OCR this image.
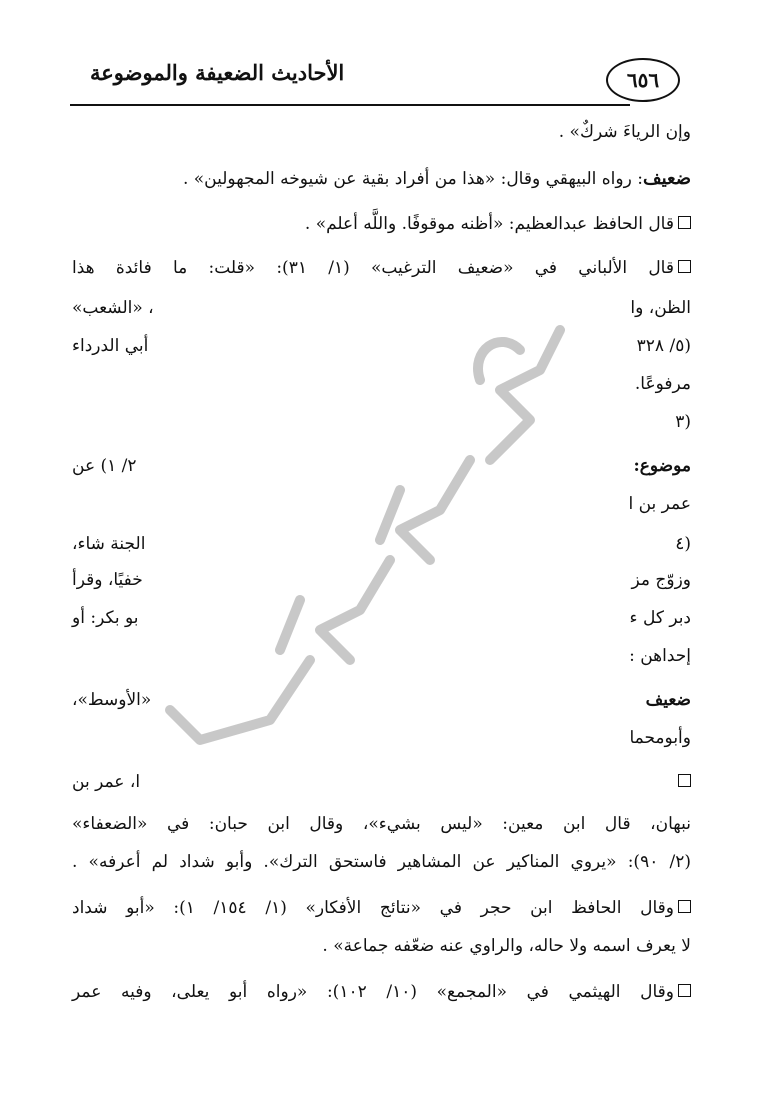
٦٥٦
الأحاديث الضعيفة والموضوعة
وإن الرياءَ شركٌ» .
ضعيف: رواه البيهقي وقال: «هذا من أفراد بقية عن شيوخه المجهولين» .
قال الحافظ عبدالعظيم: «أظنه موقوفًا. واللَّه أعلم» .
قال الألباني في «ضعيف الترغيب» (١/ ٣١): «قلت: ما فائدة هذا
الظن، وا
، «الشعب»
(٥/ ٣٢٨
أبي الدرداء
مرفوعًا.
(٣
موضوع:
٢/ ١) عن
عمر بن ا
(٤
الجنة شاء،
وزوّج مز
خفيًا، وقرأ
دبر كل ء
بو بكر: أو
إحداهن :
ضعيف
«الأوسط»،
وأبومحما
ا، عمر بن
نبهان، قال ابن معين: «ليس بشيء»، وقال ابن حبان: في «الضعفاء»
(٢/ ٩٠): «يروي المناكير عن المشاهير فاستحق الترك». وأبو شداد لم أعرفه» .
وقال الحافظ ابن حجر في «نتائج الأفكار» (١/ ١٥٤/ ١): «أبو شداد
لا يعرف اسمه ولا حاله، والراوي عنه ضعّفه جماعة» .
وقال الهيثمي في «المجمع» (١٠/ ١٠٢): «رواه أبو يعلى، وفيه عمر
